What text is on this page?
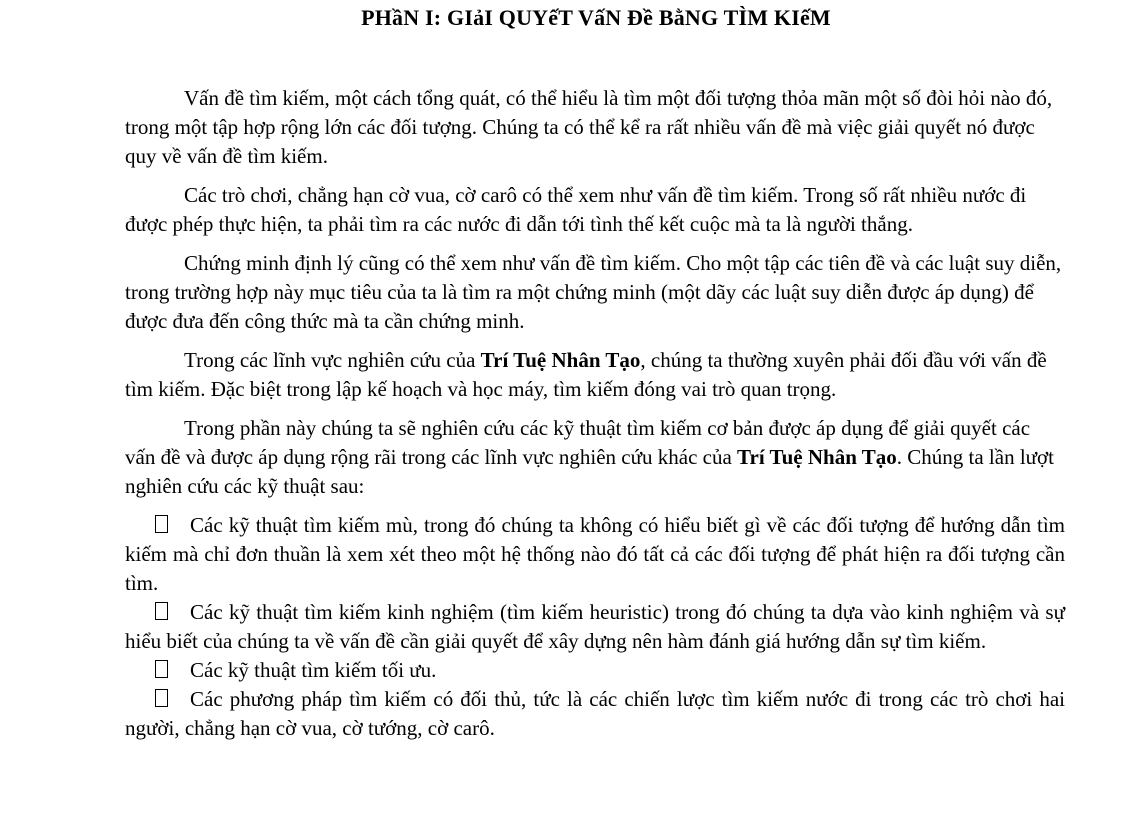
PHầN I: GIảI QUYếT VấN Đề BằNG TÌM KIếM

Vấn đề tìm kiếm, một cách tổng quát, có thể hiểu là tìm một đối tượng thỏa mãn một số đòi hỏi nào đó, trong một tập hợp rộng lớn các đối tượng. Chúng ta có thể kể ra rất nhiều vấn đề mà việc giải quyết nó được quy về vấn đề tìm kiếm.

Các trò chơi, chẳng hạn cờ vua, cờ carô có thể xem như vấn đề tìm kiếm. Trong số rất nhiều nước đi được phép thực hiện, ta phải tìm ra các nước đi dẫn tới tình thế kết cuộc mà ta là người thắng.

Chứng minh định lý cũng có thể xem như vấn đề tìm kiếm. Cho một tập các tiên đề và các luật suy diễn, trong trường hợp này mục tiêu của ta là tìm ra một chứng minh (một dãy các luật suy diễn được áp dụng) để được đưa đến công thức mà ta cần chứng minh.

Trong các lĩnh vực nghiên cứu của Trí Tuệ Nhân Tạo, chúng ta thường xuyên phải đối đầu với vấn đề tìm kiếm. Đặc biệt trong lập kế hoạch và học máy, tìm kiếm đóng vai trò quan trọng.

Trong phần này chúng ta sẽ nghiên cứu các kỹ thuật tìm kiếm cơ bản được áp dụng để giải quyết các vấn đề và được áp dụng rộng rãi trong các lĩnh vực nghiên cứu khác của Trí Tuệ Nhân Tạo. Chúng ta lần lượt nghiên cứu các kỹ thuật sau:

Các kỹ thuật tìm kiếm mù, trong đó chúng ta không có hiểu biết gì về các đối tượng để hướng dẫn tìm kiếm mà chỉ đơn thuần là xem xét theo một hệ thống nào đó tất cả các đối tượng để phát hiện ra đối tượng cần tìm.
Các kỹ thuật tìm kiếm kinh nghiệm (tìm kiếm heuristic) trong đó chúng ta dựa vào kinh nghiệm và sự hiểu biết của chúng ta về vấn đề cần giải quyết để xây dựng nên hàm đánh giá hướng dẫn sự tìm kiếm.
Các kỹ thuật tìm kiếm tối ưu.
Các phương pháp tìm kiếm có đối thủ, tức là các chiến lược tìm kiếm nước đi trong các trò chơi hai người, chẳng hạn cờ vua, cờ tướng, cờ carô.
